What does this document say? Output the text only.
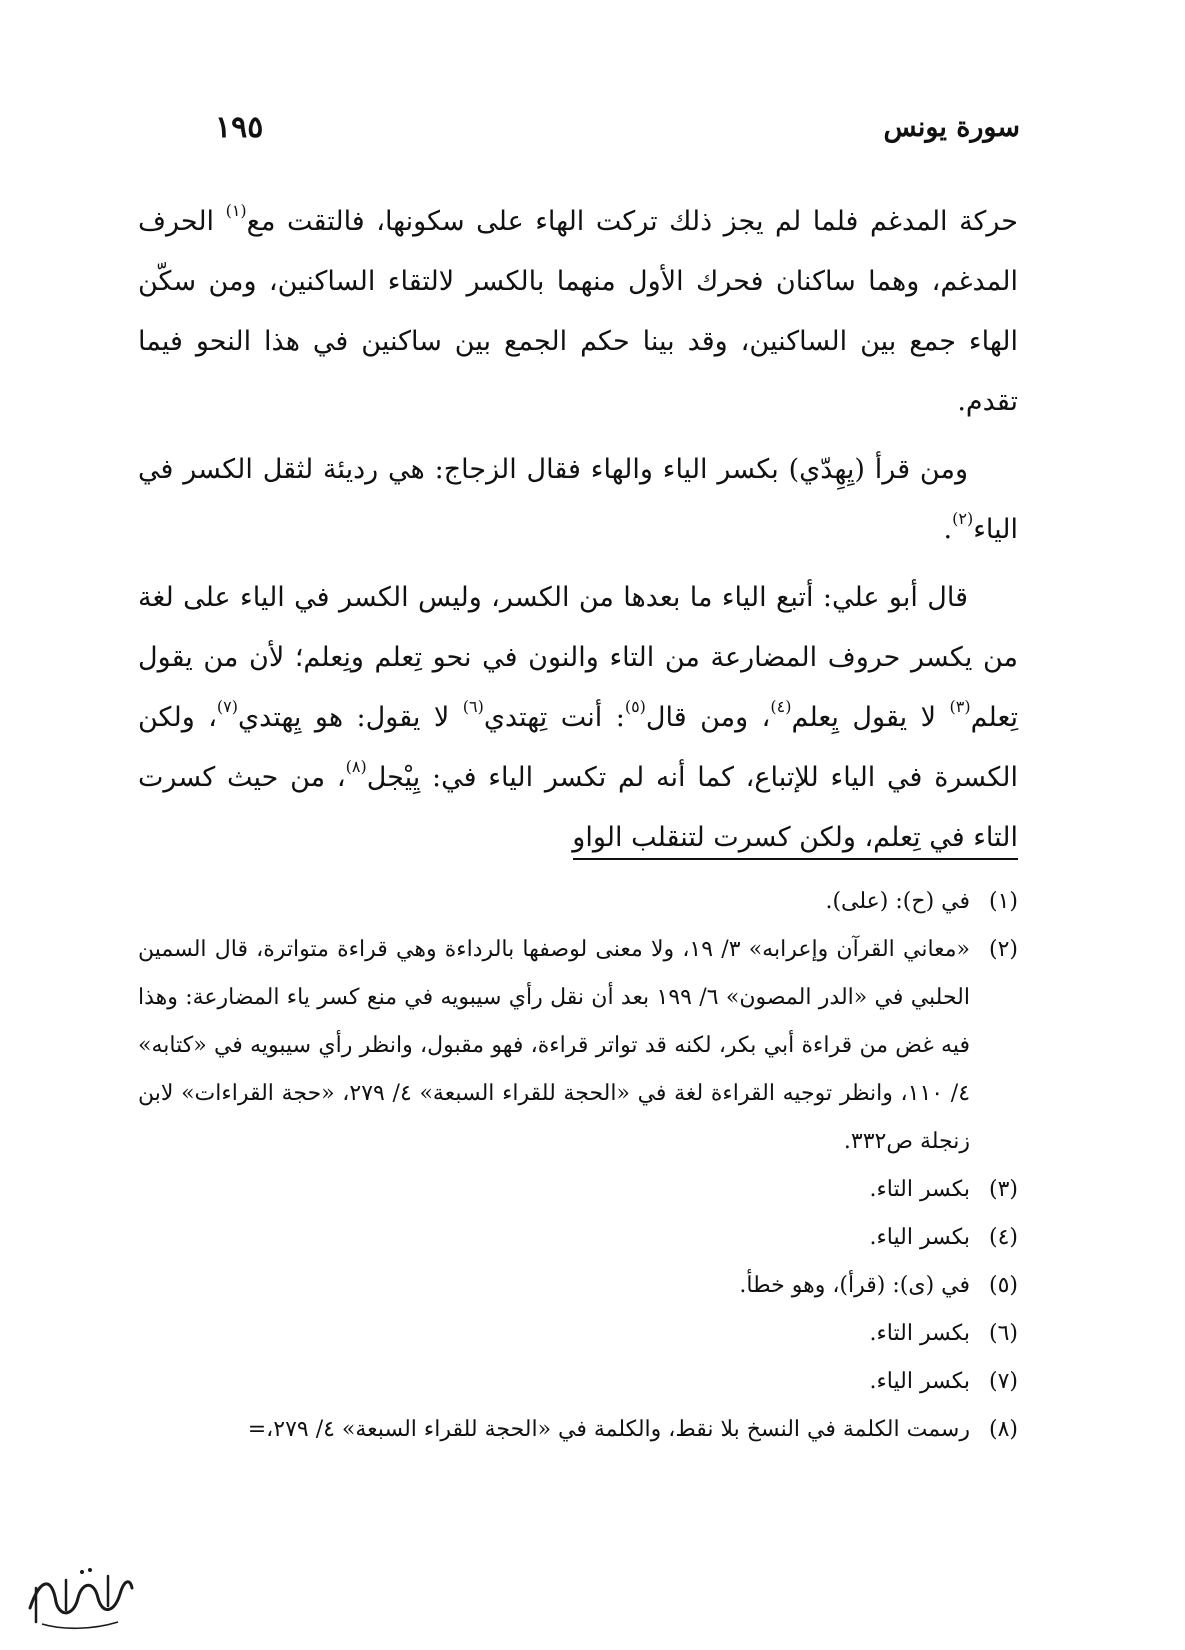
سورة يونس
١٩٥

حركة المدغم فلما لم يجز ذلك تركت الهاء على سكونها، فالتقت مع$^{(١)}$ الحرف المدغم، وهما ساكنان فحرك الأول منهما بالكسر لالتقاء الساكنين، ومن سكّن الهاء جمع بين الساكنين، وقد بينا حكم الجمع بين ساكنين في هذا النحو فيما تقدم.

ومن قرأ (يِهِدّي) بكسر الياء والهاء فقال الزجاج: هي رديئة لثقل الكسر في الياء$^{(٢)}$.

قال أبو علي: أتبع الياء ما بعدها من الكسر، وليس الكسر في الياء على لغة من يكسر حروف المضارعة من التاء والنون في نحو تِعلم ونِعلم؛ لأن من يقول تِعلم$^{(٣)}$ لا يقول يِعلم$^{(٤)}$، ومن قال$^{(٥)}$: أنت تِهتدي$^{(٦)}$ لا يقول: هو يِهتدي$^{(٧)}$، ولكن الكسرة في الياء للإتباع، كما أنه لم تكسر الياء في: يِيْجل$^{(٨)}$، من حيث كسرت التاء في تِعلم، ولكن كسرت لتنقلب الواو

(١)
في (ح): (على).
(٢)
«معاني القرآن وإعرابه» ٣/ ١٩، ولا معنى لوصفها بالرداءة وهي قراءة متواترة، قال السمين الحلبي في «الدر المصون» ٦/ ١٩٩ بعد أن نقل رأي سيبويه في منع كسر ياء المضارعة: وهذا فيه غض من قراءة أبي بكر، لكنه قد تواتر قراءة، فهو مقبول، وانظر رأي سيبويه في «كتابه» ٤/ ١١٠، وانظر توجيه القراءة لغة في «الحجة للقراء السبعة» ٤/ ٢٧٩، «حجة القراءات» لابن زنجلة ص٣٣٢.
(٣)
بكسر التاء.
(٤)
بكسر الياء.
(٥)
في (ى): (قرأ)، وهو خطأ.
(٦)
بكسر التاء.
(٧)
بكسر الياء.
(٨)
رسمت الكلمة في النسخ بلا نقط، والكلمة في «الحجة للقراء السبعة» ٤/ ٢٧٩،=
